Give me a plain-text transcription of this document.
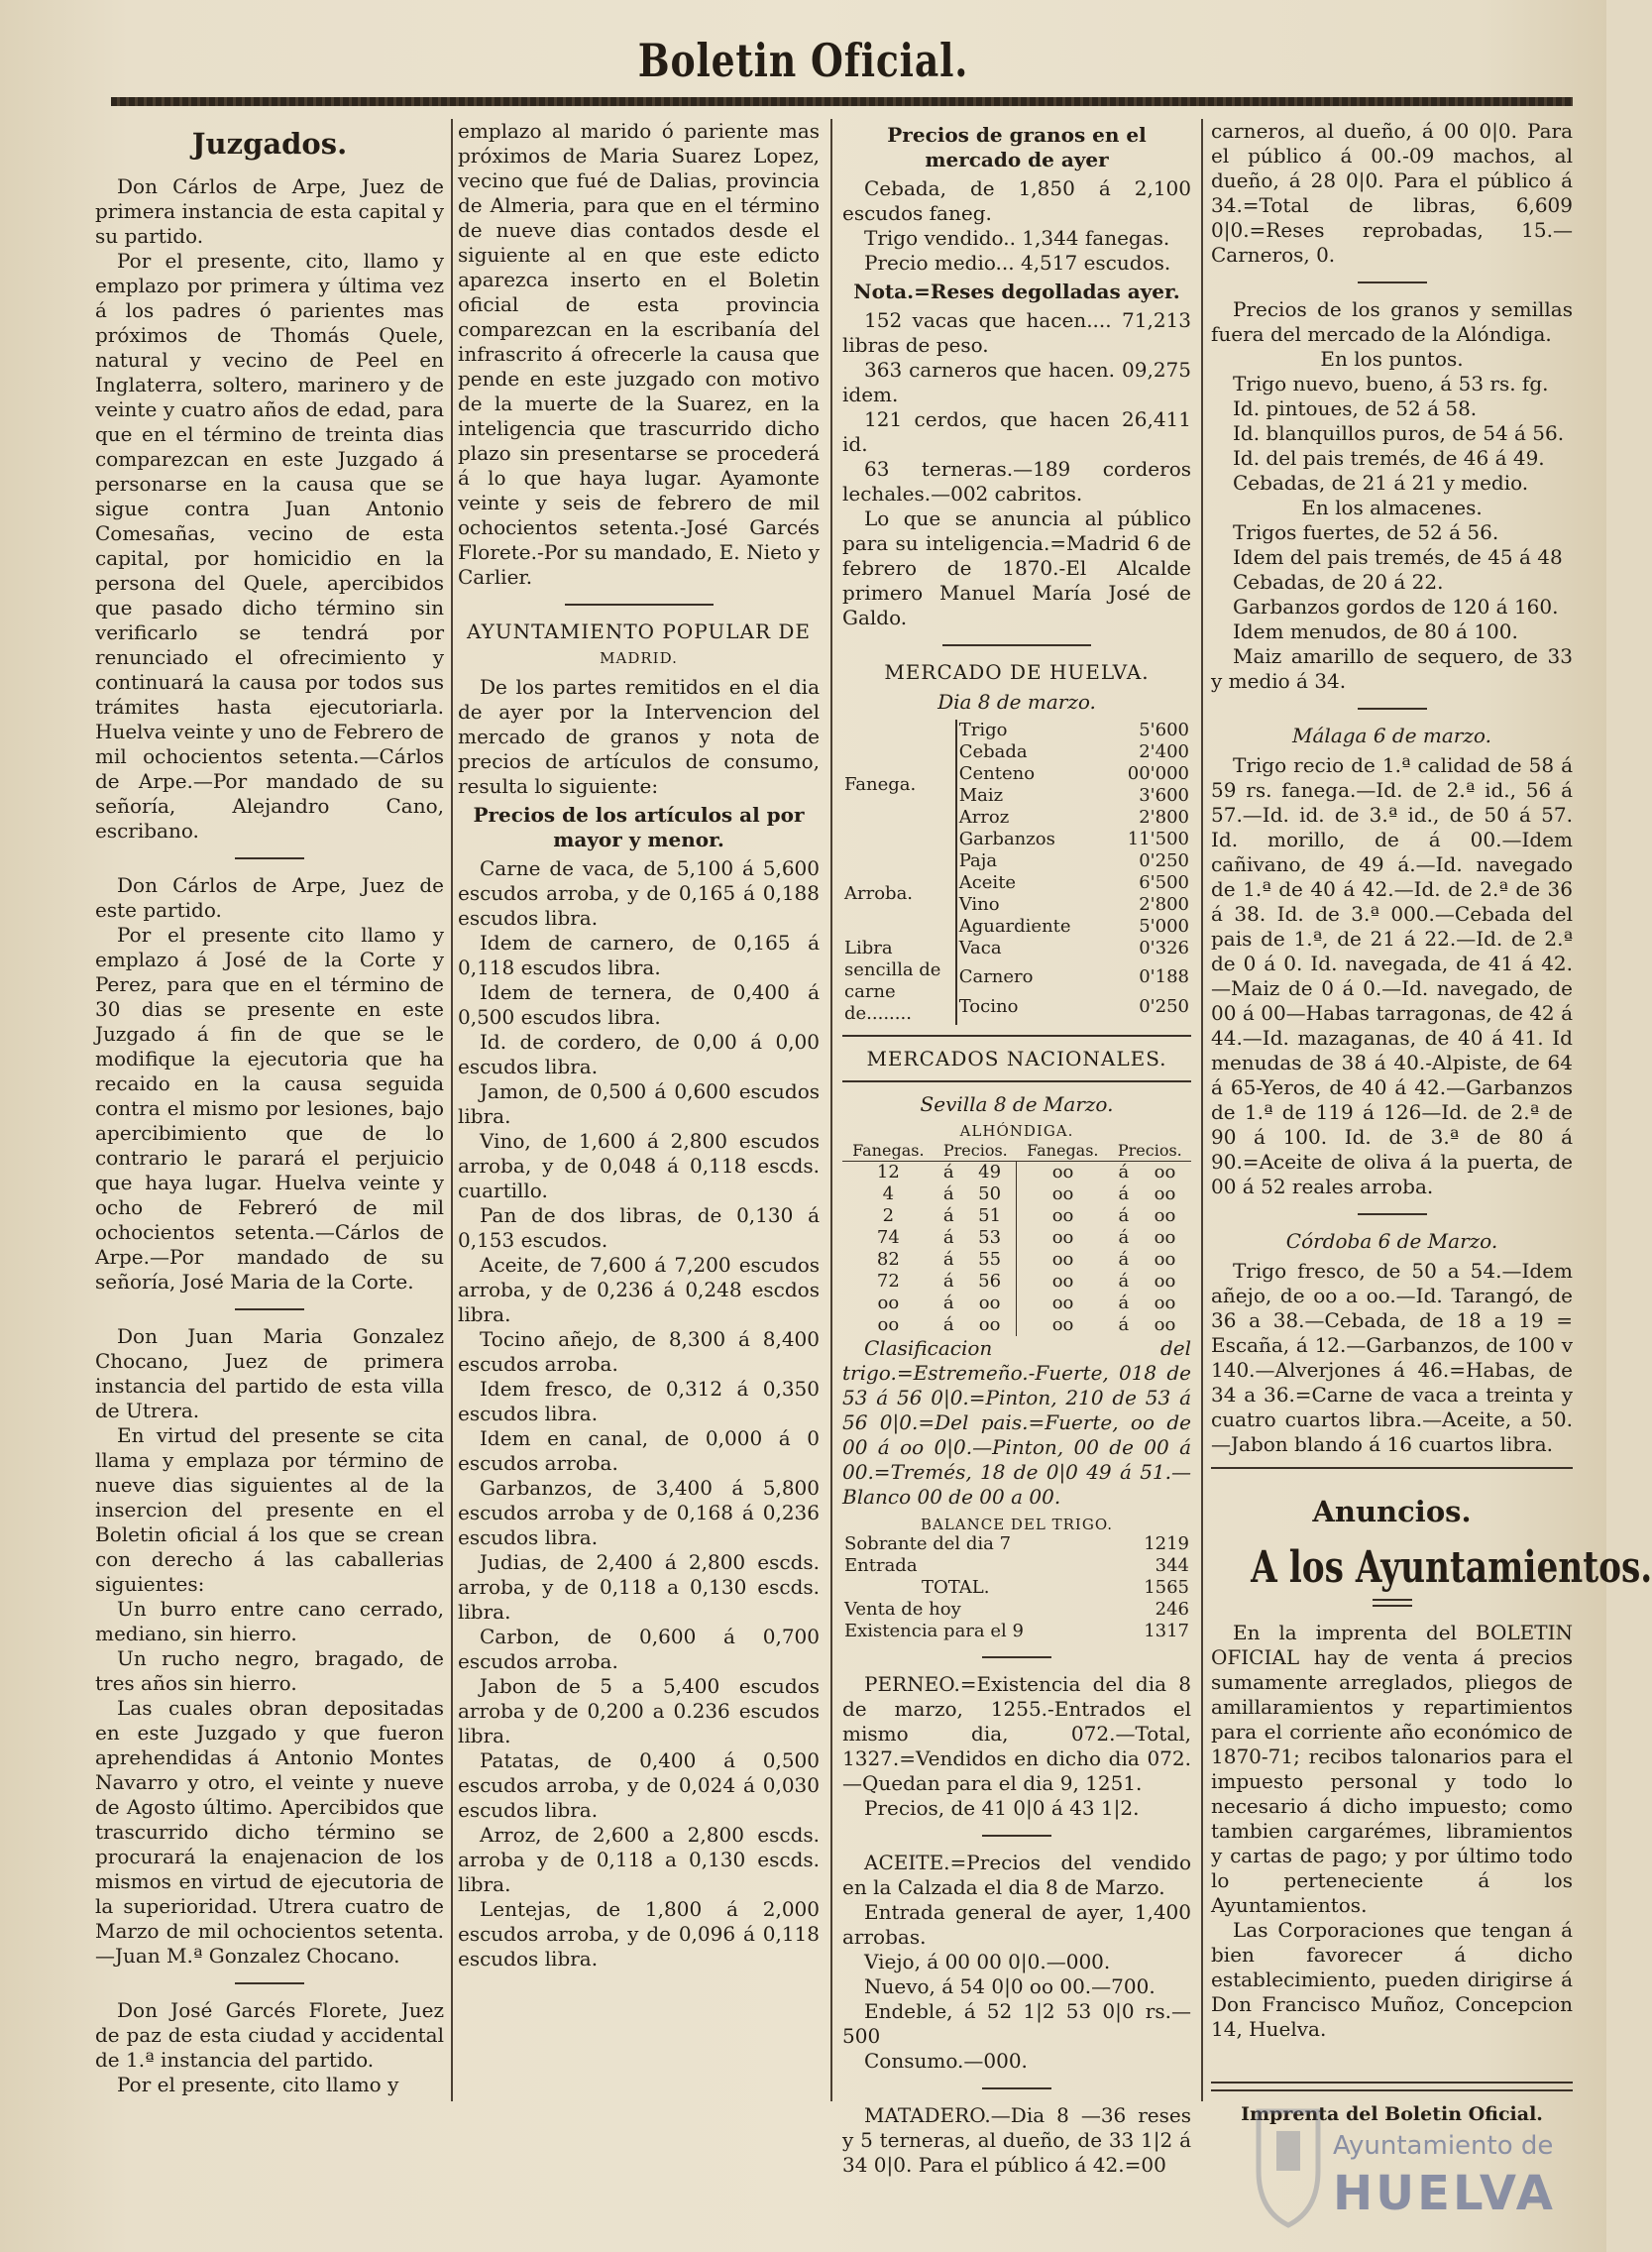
Boletin Oficial.
Juzgados.

Don Cárlos de Arpe, Juez de primera instancia de esta capital y su partido.

Por el presente, cito, llamo y emplazo por primera y última vez á los padres ó parientes mas próximos de Thomás Quele, natural y vecino de Peel en Inglaterra, soltero, marinero y de veinte y cuatro años de edad, para que en el término de treinta dias comparezcan en este Juzgado á personarse en la causa que se sigue contra Juan Antonio Comesañas, vecino de esta capital, por homicidio en la persona del Quele, apercibidos que pasado dicho término sin verificarlo se tendrá por renunciado el ofrecimiento y continuará la causa por todos sus trámites hasta ejecutoriarla. Huelva veinte y uno de Febrero de mil ochocientos setenta.—Cárlos de Arpe.—Por mandado de su señoría, Alejandro Cano, escribano.

Don Cárlos de Arpe, Juez de este partido.

Por el presente cito llamo y emplazo á José de la Corte y Perez, para que en el término de 30 dias se presente en este Juzgado á fin de que se le modifique la ejecutoria que ha recaido en la causa seguida contra el mismo por lesiones, bajo apercibimiento que de lo contrario le parará el perjuicio que haya lugar. Huelva veinte y ocho de Febreró de mil ochocientos setenta.—Cárlos de Arpe.—Por mandado de su señoría, José Maria de la Corte.

Don Juan Maria Gonzalez Chocano, Juez de primera instancia del partido de esta villa de Utrera.

En virtud del presente se cita llama y emplaza por término de nueve dias siguientes al de la insercion del presente en el Boletin oficial á los que se crean con derecho á las caballerias siguientes:

Un burro entre cano cerrado, mediano, sin hierro.

Un rucho negro, bragado, de tres años sin hierro.

Las cuales obran depositadas en este Juzgado y que fueron aprehendidas á Antonio Montes Navarro y otro, el veinte y nueve de Agosto último. Apercibidos que trascurrido dicho término se procurará la enajenacion de los mismos en virtud de ejecutoria de la superioridad. Utrera cuatro de Marzo de mil ochocientos setenta.—Juan M.ª Gonzalez Chocano.

Don José Garcés Florete, Juez de paz de esta ciudad y accidental de 1.ª instancia del partido.

Por el presente, cito llamo y

emplazo al marido ó pariente mas próximos de Maria Suarez Lopez, vecino que fué de Dalias, provincia de Almeria, para que en el término de nueve dias contados desde el siguiente al en que este edicto aparezca inserto en el Boletin oficial de esta provincia comparezcan en la escribanía del infrascrito á ofrecerle la causa que pende en este juzgado con motivo de la muerte de la Suarez, en la inteligencia que trascurrido dicho plazo sin presentarse se procederá á lo que haya lugar. Ayamonte veinte y seis de febrero de mil ochocientos setenta.-José Garcés Florete.-Por su mandado, E. Nieto y Carlier.

AYUNTAMIENTO POPULAR DE
MADRID.

De los partes remitidos en el dia de ayer por la Intervencion del mercado de granos y nota de precios de artículos de consumo, resulta lo siguiente:

Precios de los artículos al por mayor y menor.

Carne de vaca, de 5,100 á 5,600 escudos arroba, y de 0,165 á 0,188 escudos libra.

Idem de carnero, de 0,165 á 0,118 escudos libra.

Idem de ternera, de 0,400 á 0,500 escudos libra.

Id. de cordero, de 0,00 á 0,00 escudos libra.

Jamon, de 0,500 á 0,600 escudos libra.

Vino, de 1,600 á 2,800 escudos arroba, y de 0,048 á 0,118 escds. cuartillo.

Pan de dos libras, de 0,130 á 0,153 escudos.

Aceite, de 7,600 á 7,200 escudos arroba, y de 0,236 á 0,248 escdos libra.

Tocino añejo, de 8,300 á 8,400 escudos arroba.

Idem fresco, de 0,312 á 0,350 escudos libra.

Idem en canal, de 0,000 á 0 escudos arroba.

Garbanzos, de 3,400 á 5,800 escudos arroba y de 0,168 á 0,236 escudos libra.

Judias, de 2,400 á 2,800 escds. arroba, y de 0,118 a 0,130 escds. libra.

Carbon, de 0,600 á 0,700 escudos arroba.

Jabon de 5 a 5,400 escudos arroba y de 0,200 a 0.236 escudos libra.

Patatas, de 0,400 á 0,500 escudos arroba, y de 0,024 á 0,030 escudos libra.

Arroz, de 2,600 a 2,800 escds. arroba y de 0,118 a 0,130 escds. libra.

Lentejas, de 1,800 á 2,000 escudos arroba, y de 0,096 á 0,118 escudos libra.

Precios de granos en el mercado de ayer

Cebada, de 1,850 á 2,100 escudos faneg.

Trigo vendido.. 1,344 fanegas.

Precio medio... 4,517 escudos.

Nota.=Reses degolladas ayer.

152 vacas que hacen.... 71,213 libras de peso.

363 carneros que hacen. 09,275 idem.

121 cerdos, que hacen 26,411 id.

63 terneras.—189 corderos lechales.—002 cabritos.

Lo que se anuncia al público para su inteligencia.=Madrid 6 de febrero de 1870.-El Alcalde primero Manuel María José de Galdo.

MERCADO DE HUELVA.
Dia 8 de marzo.
Fanega.	Trigo	5'600
	Cebada	2'400
	Centeno	00'000
	Maiz	3'600
	Arroz	2'800
	Garbanzos	11'500
Arroba.	Paja	0'250
	Aceite	6'500
	Vino	2'800
	Aguardiente	5'000
Libra sencilla de carne de........	Vaca	0'326
	Carnero	0'188
	Tocino	0'250
MERCADOS NACIONALES.
Sevilla 8 de Marzo.
ALHÓNDIGA.
Fanegas.	Precios.		Fanegas.	Precios.	
12	á	49	oo	á	oo
4	á	50	oo	á	oo
2	á	51	oo	á	oo
74	á	53	oo	á	oo
82	á	55	oo	á	oo
72	á	56	oo	á	oo
oo	á	oo	oo	á	oo
oo	á	oo	oo	á	oo

Clasificacion del trigo.=Estremeño.-Fuerte, 018 de 53 á 56 0|0.=Pinton, 210 de 53 á 56 0|0.=Del pais.=Fuerte, oo de 00 á oo 0|0.—Pinton, 00 de 00 á 00.=Tremés, 18 de 0|0 49 á 51.—Blanco 00 de 00 a 00.

BALANCE DEL TRIGO.
Sobrante del dia 7	1219
Entrada	344
TOTAL.	1565
Venta de hoy	246
Existencia para el 9	1317

PERNEO.=Existencia del dia 8 de marzo, 1255.-Entrados el mismo dia, 072.—Total, 1327.=Vendidos en dicho dia 072.—Quedan para el dia 9, 1251.

Precios, de 41 0|0 á 43 1|2.

ACEITE.=Precios del vendido en la Calzada el dia 8 de Marzo.

Entrada general de ayer, 1,400 arrobas.

Viejo, á 00 00 0|0.—000.

Nuevo, á 54 0|0 oo 00.—700.

Endeble, á 52 1|2 53 0|0 rs.—500

Consumo.—000.

MATADERO.—Dia 8 —36 reses y 5 terneras, al dueño, de 33 1|2 á 34 0|0. Para el público á 42.=00

carneros, al dueño, á 00 0|0. Para el público á 00.-09 machos, al dueño, á 28 0|0. Para el público á 34.=Total de libras, 6,609 0|0.=Reses reprobadas, 15.—Carneros, 0.

Precios de los granos y semillas fuera del mercado de la Alóndiga.

En los puntos.

Trigo nuevo, bueno, á 53 rs. fg.

Id. pintoues, de 52 á 58.

Id. blanquillos puros, de 54 á 56.

Id. del pais tremés, de 46 á 49.

Cebadas, de 21 á 21 y medio.

En los almacenes.

Trigos fuertes, de 52 á 56.

Idem del pais tremés, de 45 á 48

Cebadas, de 20 á 22.

Garbanzos gordos de 120 á 160.

Idem menudos, de 80 á 100.

Maiz amarillo de sequero, de 33 y medio á 34.

Málaga 6 de marzo.

Trigo recio de 1.ª calidad de 58 á 59 rs. fanega.—Id. de 2.ª id., 56 á 57.—Id. id. de 3.ª id., de 50 á 57. Id. morillo, de á 00.—Idem cañivano, de 49 á.—Id. navegado de 1.ª de 40 á 42.—Id. de 2.ª de 36 á 38. Id. de 3.ª 000.—Cebada del pais de 1.ª, de 21 á 22.—Id. de 2.ª de 0 á 0. Id. navegada, de 41 á 42.—Maiz de 0 á 0.—Id. navegado, de 00 á 00—Habas tarragonas, de 42 á 44.—Id. mazaganas, de 40 á 41. Id menudas de 38 á 40.-Alpiste, de 64 á 65-Yeros, de 40 á 42.—Garbanzos de 1.ª de 119 á 126—Id. de 2.ª de 90 á 100. Id. de 3.ª de 80 á 90.=Aceite de oliva á la puerta, de 00 á 52 reales arroba.

Córdoba 6 de Marzo.

Trigo fresco, de 50 a 54.—Idem añejo, de oo a oo.—Id. Tarangó, de 36 a 38.—Cebada, de 18 a 19 = Escaña, á 12.—Garbanzos, de 100 v 140.—Alverjones á 46.=Habas, de 34 a 36.=Carne de vaca a treinta y cuatro cuartos libra.—Aceite, a 50.—Jabon blando á 16 cuartos libra.

Anuncios.
A los Ayuntamientos.

En la imprenta del BOLETIN OFICIAL hay de venta á precios sumamente arreglados, pliegos de amillaramientos y repartimientos para el corriente año económico de 1870-71; recibos talonarios para el impuesto personal y todo lo necesario á dicho impuesto; como tambien cargarémes, libramientos y cartas de pago; y por último todo lo perteneciente á los Ayuntamientos.

Las Corporaciones que tengan á bien favorecer á dicho establecimiento, pueden dirigirse á Don Francisco Muñoz, Concepcion 14, Huelva.

Imprenta del Boletin Oficial.
Ayuntamiento de
HUELVA
